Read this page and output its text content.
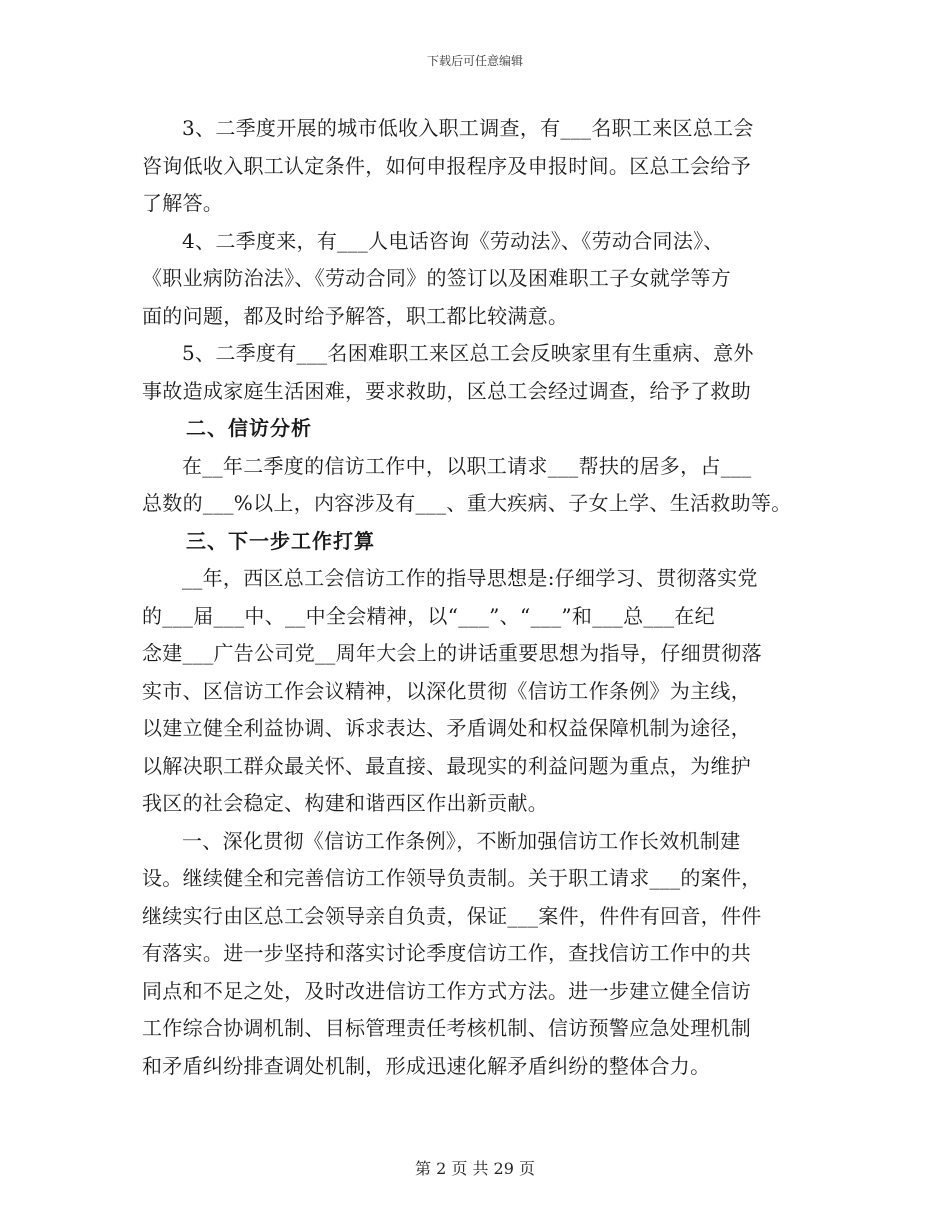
下载后可任意编辑
3、二季度开展的城市低收入职工调查，有___名职工来区总工会
咨询低收入职工认定条件，如何申报程序及申报时间。区总工会给予
了解答。
4、二季度来，有___人电话咨询《劳动法》、《劳动合同法》、
《职业病防治法》、《劳动合同》的签订以及困难职工子女就学等方
面的问题，都及时给予解答，职工都比较满意。
5、二季度有___名困难职工来区总工会反映家里有生重病、意外
事故造成家庭生活困难，要求救助，区总工会经过调查，给予了救助
二、信访分析
在__年二季度的信访工作中，以职工请求___帮扶的居多，占___
总数的___%以上，内容涉及有___、重大疾病、子女上学、生活救助等。
三、下一步工作打算
__年，西区总工会信访工作的指导思想是:仔细学习、贯彻落实党
的___届___中、__中全会精神，以“___”、“___”和___总___在纪
念建___广告公司党__周年大会上的讲话重要思想为指导，仔细贯彻落
实市、区信访工作会议精神，以深化贯彻《信访工作条例》为主线，
以建立健全利益协调、诉求表达、矛盾调处和权益保障机制为途径，
以解决职工群众最关怀、最直接、最现实的利益问题为重点，为维护
我区的社会稳定、构建和谐西区作出新贡献。
一、深化贯彻《信访工作条例》，不断加强信访工作长效机制建
设。继续健全和完善信访工作领导负责制。关于职工请求___的案件，
继续实行由区总工会领导亲自负责，保证___案件，件件有回音，件件
有落实。进一步坚持和落实讨论季度信访工作，查找信访工作中的共
同点和不足之处，及时改进信访工作方式方法。进一步建立健全信访
工作综合协调机制、目标管理责任考核机制、信访预警应急处理机制
和矛盾纠纷排查调处机制，形成迅速化解矛盾纠纷的整体合力。
第 2 页 共 29 页
